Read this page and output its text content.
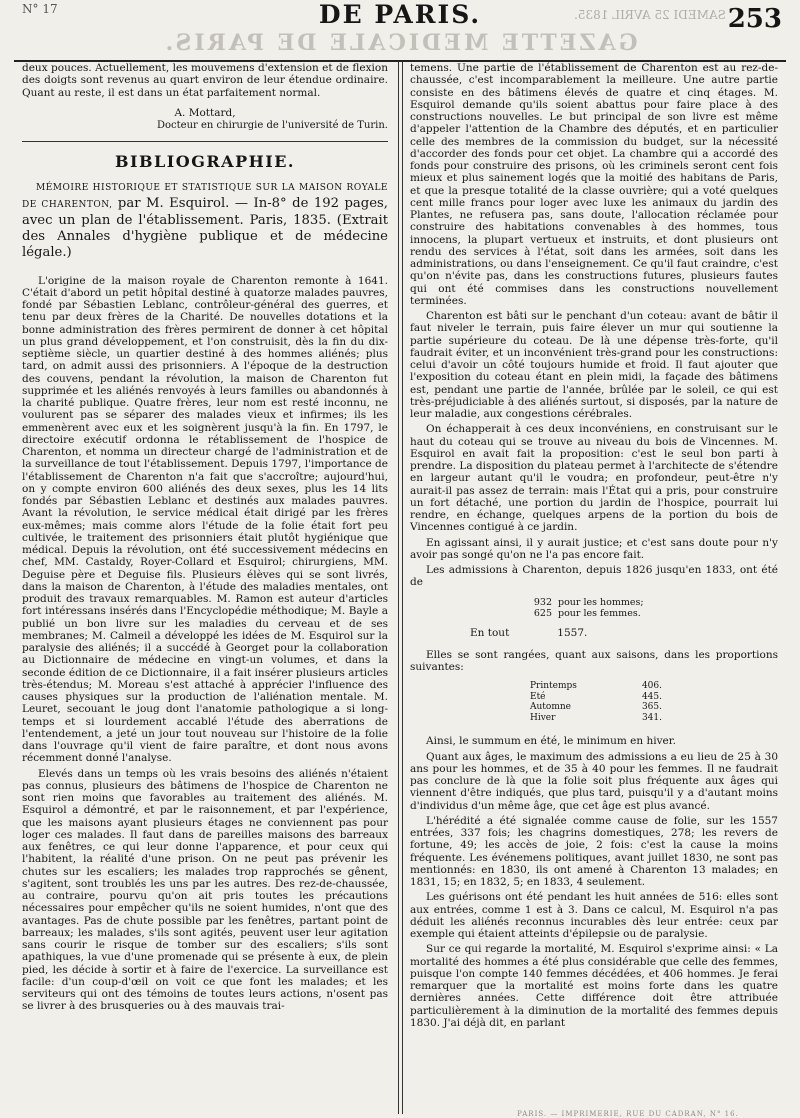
N° 17
GAZETTE MEDICALE DE PARIS.
SAMEDI 25 AVRIL 1835.
DE PARIS.	253

deux pouces. Actuellement, les mouvemens d'extension et de flexion des doigts sont revenus au quart environ de leur étendue ordinaire. Quant au reste, il est dans un état parfaitement normal.

A. Mottard,
Docteur en chirurgie de l'université de Turin.
BIBLIOGRAPHIE.

MÉMOIRE HISTORIQUE ET STATISTIQUE SUR LA MAISON ROYALE DE CHARENTON, par M. Esquirol. — In-8° de 192 pages, avec un plan de l'établissement. Paris, 1835. (Extrait des Annales d'hygiène publique et de médecine légale.)

L'origine de la maison royale de Charenton remonte à 1641. C'était d'abord un petit hôpital destiné à quatorze malades pauvres, fondé par Sébastien Leblanc, contrôleur-général des guerres, et tenu par deux frères de la Charité. De nouvelles dotations et la bonne administration des frères permirent de donner à cet hôpital un plus grand développement, et l'on construisit, dès la fin du dix-septième siècle, un quartier destiné à des hommes aliénés; plus tard, on admit aussi des prisonniers. A l'époque de la destruction des couvens, pendant la révolution, la maison de Charenton fut supprimée et les aliénés renvoyés à leurs familles ou abandonnés à la charité publique. Quatre frères, leur nom est resté inconnu, ne voulurent pas se séparer des malades vieux et infirmes; ils les emmenèrent avec eux et les soignèrent jusqu'à la fin. En 1797, le directoire exécutif ordonna le rétablissement de l'hospice de Charenton, et nomma un directeur chargé de l'administration et de la surveillance de tout l'établissement. Depuis 1797, l'importance de l'établissement de Charenton n'a fait que s'accroître; aujourd'hui, on y compte environ 600 aliénés des deux sexes, plus les 14 lits fondés par Sébastien Leblanc et destinés aux malades pauvres. Avant la révolution, le service médical était dirigé par les frères eux-mêmes; mais comme alors l'étude de la folie était fort peu cultivée, le traitement des prisonniers était plutôt hygiénique que médical. Depuis la révolution, ont été successivement médecins en chef, MM. Castaldy, Royer-Collard et Esquirol; chirurgiens, MM. Deguise père et Deguise fils. Plusieurs élèves qui se sont livrés, dans la maison de Charenton, à l'étude des maladies mentales, ont produit des travaux remarquables. M. Ramon est auteur d'articles fort intéressans insérés dans l'Encyclopédie méthodique; M. Bayle a publié un bon livre sur les maladies du cerveau et de ses membranes; M. Calmeil a développé les idées de M. Esquirol sur la paralysie des aliénés; il a succédé à Georget pour la collaboration au Dictionnaire de médecine en vingt-un volumes, et dans la seconde édition de ce Dictionnaire, il a fait insérer plusieurs articles très-étendus; M. Moreau s'est attaché à apprécier l'influence des causes physiques sur la production de l'aliénation mentale. M. Leuret, secouant le joug dont l'anatomie pathologique a si long-temps et si lourdement accablé l'étude des aberrations de l'entendement, a jeté un jour tout nouveau sur l'histoire de la folie dans l'ouvrage qu'il vient de faire paraître, et dont nous avons récemment donné l'analyse.

Elevés dans un temps où les vrais besoins des aliénés n'étaient pas connus, plusieurs des bâtimens de l'hospice de Charenton ne sont rien moins que favorables au traitement des aliénés. M. Esquirol a démontré, et par le raisonnement, et par l'expérience, que les maisons ayant plusieurs étages ne conviennent pas pour loger ces malades. Il faut dans de pareilles maisons des barreaux aux fenêtres, ce qui leur donne l'apparence, et pour ceux qui l'habitent, la réalité d'une prison. On ne peut pas prévenir les chutes sur les escaliers; les malades trop rapprochés se gênent, s'agitent, sont troublés les uns par les autres. Des rez-de-chaussée, au contraire, pourvu qu'on ait pris toutes les précautions nécessaires pour empêcher qu'ils ne soient humides, n'ont que des avantages. Pas de chute possible par les fenêtres, partant point de barreaux; les malades, s'ils sont agités, peuvent user leur agitation sans courir le risque de tomber sur des escaliers; s'ils sont apathiques, la vue d'une promenade qui se présente à eux, de plein pied, les décide à sortir et à faire de l'exercice. La surveillance est facile: d'un coup-d'œil on voit ce que font les malades; et les serviteurs qui ont des témoins de toutes leurs actions, n'osent pas se livrer à des brusqueries ou à des mauvais trai-

temens. Une partie de l'établissement de Charenton est au rez-de-chaussée, c'est incomparablement la meilleure. Une autre partie consiste en des bâtimens élevés de quatre et cinq étages. M. Esquirol demande qu'ils soient abattus pour faire place à des constructions nouvelles. Le but principal de son livre est même d'appeler l'attention de la Chambre des députés, et en particulier celle des membres de la commission du budget, sur la nécessité d'accorder des fonds pour cet objet. La chambre qui a accordé des fonds pour construire des prisons, où les criminels seront cent fois mieux et plus sainement logés que la moitié des habitans de Paris, et que la presque totalité de la classe ouvrière; qui a voté quelques cent mille francs pour loger avec luxe les animaux du jardin des Plantes, ne refusera pas, sans doute, l'allocation réclamée pour construire des habitations convenables à des hommes, tous innocens, la plupart vertueux et instruits, et dont plusieurs ont rendu des services à l'état, soit dans les armées, soit dans les administrations, ou dans l'enseignement. Ce qu'il faut craindre, c'est qu'on n'évite pas, dans les constructions futures, plusieurs fautes qui ont été commises dans les constructions nouvellement terminées.

Charenton est bâti sur le penchant d'un coteau: avant de bâtir il faut niveler le terrain, puis faire élever un mur qui soutienne la partie supérieure du coteau. De là une dépense très-forte, qu'il faudrait éviter, et un inconvénient très-grand pour les constructions: celui d'avoir un côté toujours humide et froid. Il faut ajouter que l'exposition du coteau étant en plein midi, la façade des bâtimens est, pendant une partie de l'année, brûlée par le soleil, ce qui est très-préjudiciable à des aliénés surtout, si disposés, par la nature de leur maladie, aux congestions cérébrales.

On échapperait à ces deux inconvéniens, en construisant sur le haut du coteau qui se trouve au niveau du bois de Vincennes. M. Esquirol en avait fait la proposition: c'est le seul bon parti à prendre. La disposition du plateau permet à l'architecte de s'étendre en largeur autant qu'il le voudra; en profondeur, peut-être n'y aurait-il pas assez de terrain: mais l'État qui a pris, pour construire un fort détaché, une portion du jardin de l'hospice, pourrait lui rendre, en échange, quelques arpens de la portion du bois de Vincennes contigué à ce jardin.

En agissant ainsi, il y aurait justice; et c'est sans doute pour n'y avoir pas songé qu'on ne l'a pas encore fait.

Les admissions à Charenton, depuis 1826 jusqu'en 1833, ont été de

932 pour les hommes;
625 pour les femmes.
En tout	1557.

Elles se sont rangées, quant aux saisons, dans les proportions suivantes:

Printemps	406.
Eté	445.
Automne	365.
Hiver	341.

Ainsi, le summum en été, le minimum en hiver.

Quant aux âges, le maximum des admissions a eu lieu de 25 à 30 ans pour les hommes, et de 35 à 40 pour les femmes. Il ne faudrait pas conclure de là que la folie soit plus fréquente aux âges qui viennent d'être indiqués, que plus tard, puisqu'il y a d'autant moins d'individus d'un même âge, que cet âge est plus avancé.

L'hérédité a été signalée comme cause de folie, sur les 1557 entrées, 337 fois; les chagrins domestiques, 278; les revers de fortune, 49; les accès de joie, 2 fois: c'est la cause la moins fréquente. Les événemens politiques, avant juillet 1830, ne sont pas mentionnés: en 1830, ils ont amené à Charenton 13 malades; en 1831, 15; en 1832, 5; en 1833, 4 seulement.

Les guérisons ont été pendant les huit années de 516: elles sont aux entrées, comme 1 est à 3. Dans ce calcul, M. Esquirol n'a pas déduit les aliénés reconnus incurables dès leur entrée: ceux par exemple qui étaient atteints d'épilepsie ou de paralysie.

Sur ce qui regarde la mortalité, M. Esquirol s'exprime ainsi: « La mortalité des hommes a été plus considérable que celle des femmes, puisque l'on compte 140 femmes décédées, et 406 hommes. Je ferai remarquer que la mortalité est moins forte dans les quatre dernières années. Cette différence doit être attribuée particulièrement à la diminution de la mortalité des femmes depuis 1830. J'ai déjà dit, en parlant

PARIS. — IMPRIMERIE, RUE DU CADRAN, N° 16.
